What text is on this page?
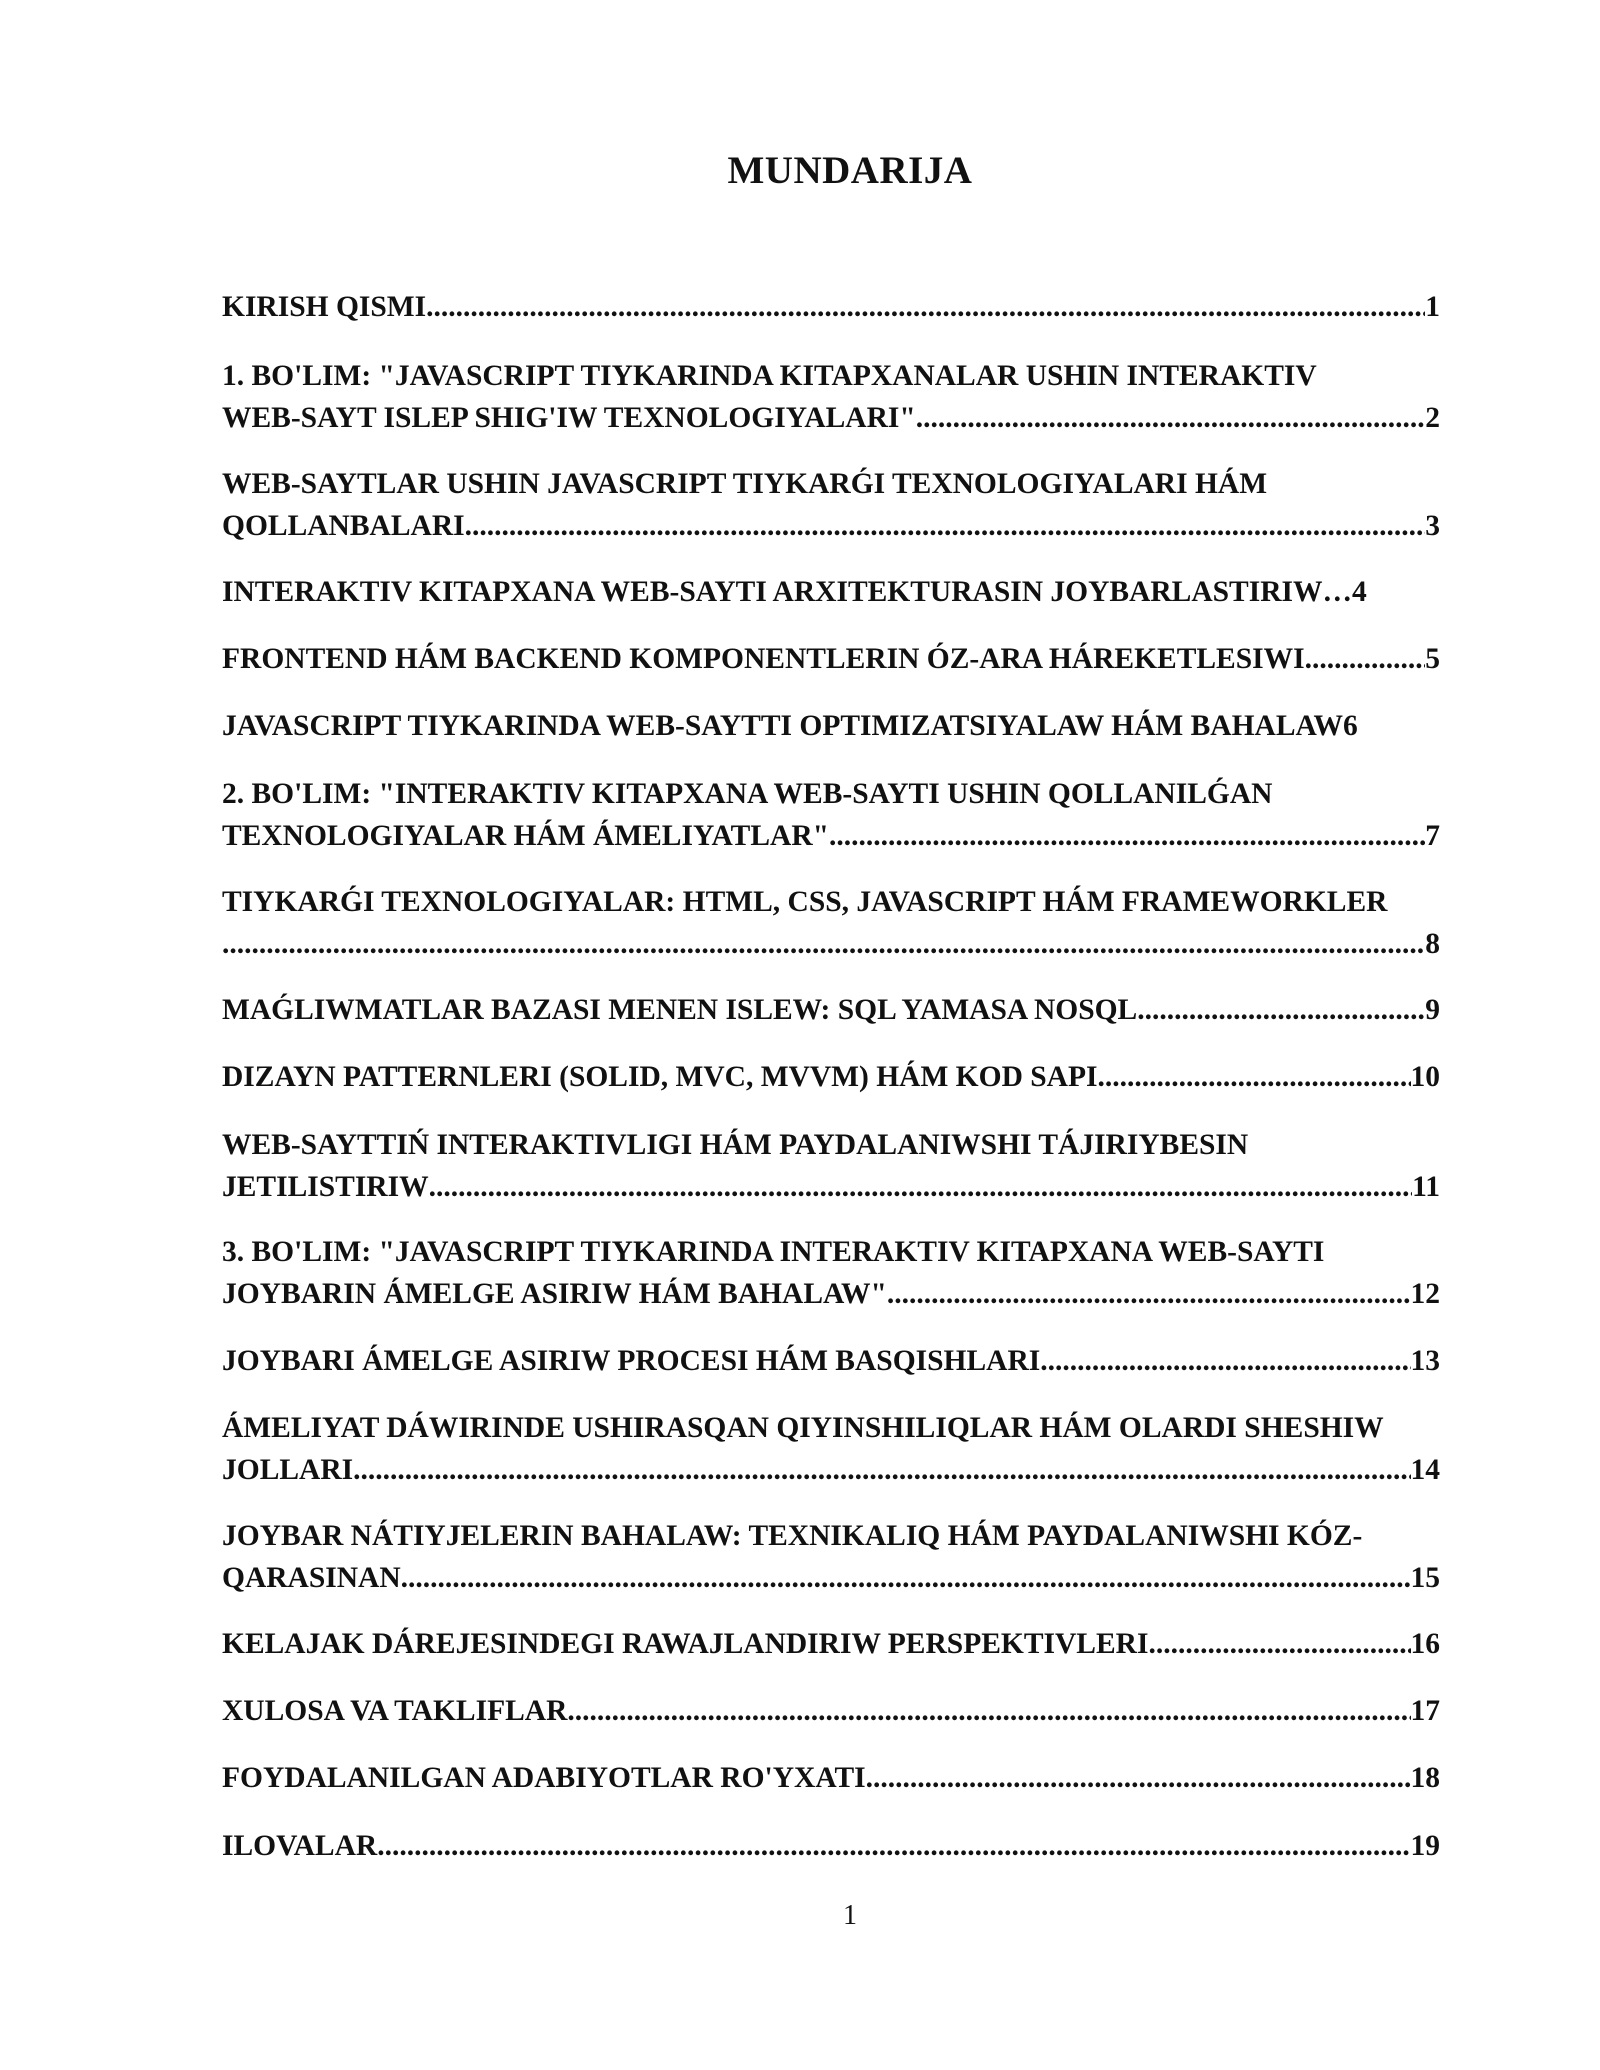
MUNDARIJA
KIRISH QISMI .....	1
1. BO'LIM: "JAVASCRIPT TIYKARINDA KITAPXANALAR USHIN INTERAKTIV
WEB-SAYT ISLEP SHIG'IW TEXNOLOGIYALARI" .....	2
WEB-SAYTLAR USHIN JAVASCRIPT TIYKARǴI TEXNOLOGIYALARI HÁM
QOLLANBALARI .....	3
INTERAKTIV KITAPXANA WEB-SAYTI ARXITEKTURASIN JOYBARLASTIRIW… 4
FRONTEND HÁM BACKEND KOMPONENTLERIN ÓZ-ARA HÁREKETLESIWI .....	5
JAVASCRIPT TIYKARINDA WEB-SAYTTI OPTIMIZATSIYALAW HÁM BAHALAW 6
2. BO'LIM: "INTERAKTIV KITAPXANA WEB-SAYTI USHIN QOLLANILǴAN
TEXNOLOGIYALAR HÁM ÁMELIYATLAR" .....	7
TIYKARǴI TEXNOLOGIYALAR: HTML, CSS, JAVASCRIPT HÁM FRAMEWORKLER
.....
8
MAǴLIWMATLAR BAZASI MENEN ISLEW: SQL YAMASA NOSQL .....	9
DIZAYN PATTERNLERI (SOLID, MVC, MVVM) HÁM KOD SAPI .....	10
WEB-SAYTTIŃ INTERAKTIVLIGI HÁM PAYDALANIWSHI TÁJIRIYBESIN
JETILISTIRIW .....	11
3. BO'LIM: "JAVASCRIPT TIYKARINDA INTERAKTIV KITAPXANA WEB-SAYTI
JOYBARIN ÁMELGE ASIRIW HÁM BAHALAW" .....	12
JOYBARI ÁMELGE ASIRIW PROCESI HÁM BASQISHLARI .....	13
ÁMELIYAT DÁWIRINDE USHIRASQAN QIYINSHILIQLAR HÁM OLARDI SHESHIW
JOLLARI .....	14
JOYBAR NÁTIYJELERIN BAHALAW: TEXNIKALIQ HÁM PAYDALANIWSHI KÓZ-
QARASINAN .....	15
KELAJAK DÁREJESINDEGI RAWAJLANDIRIW PERSPEKTIVLERI .....	16
XULOSA VA TAKLIFLAR .....	17
FOYDALANILGAN ADABIYOTLAR RO'YXATI .....	18
ILOVALAR .....	19
1
